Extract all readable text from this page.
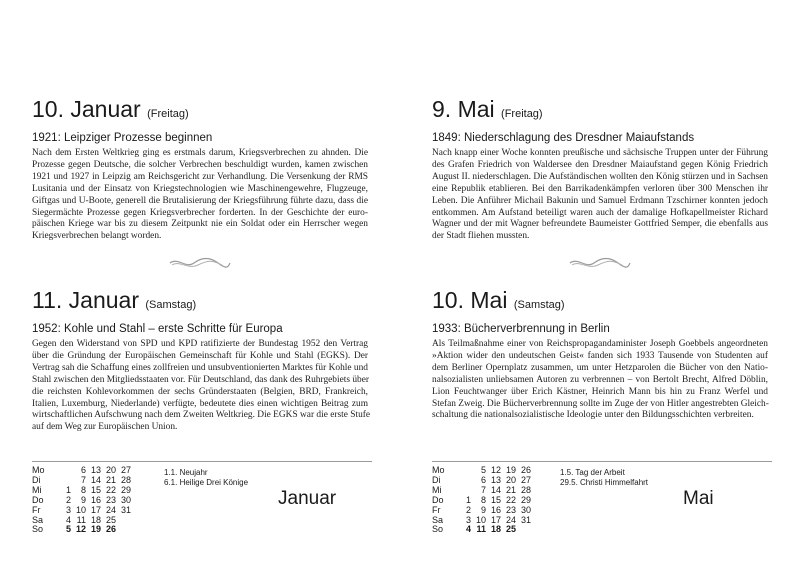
10. Januar (Freitag)
1921: Leipziger Prozesse beginnen
Nach dem Ersten Weltkrieg ging es erstmals darum, Kriegsverbrechen zu ahnden. Die
Prozesse gegen Deutsche, die solcher Verbrechen beschuldigt wurden, kamen zwischen
1921 und 1927 in Leipzig am Reichsgericht zur Verhandlung. Die Versenkung der RMS
Lusitania und der Einsatz von Kriegstechnologien wie Maschinengewehre, Flugzeuge,
Giftgas und U-Boote, generell die Brutalisierung der Kriegsführung führte dazu, dass die
Siegermächte Prozesse gegen Kriegsverbrecher forderten. In der Geschichte der euro-
päischen Kriege war bis zu diesem Zeitpunkt nie ein Soldat oder ein Herrscher wegen
Kriegsverbrechen belangt worden.
11. Januar (Samstag)
1952: Kohle und Stahl – erste Schritte für Europa
Gegen den Widerstand von SPD und KPD ratifizierte der Bundestag 1952 den Vertrag
über die Gründung der Europäischen Gemeinschaft für Kohle und Stahl (EGKS). Der
Vertrag sah die Schaffung eines zollfreien und unsubventionierten Marktes für Kohle und
Stahl zwischen den Mitgliedsstaaten vor. Für Deutschland, das dank des Ruhrgebiets über
die reichsten Kohlevorkommen der sechs Gründerstaaten (Belgien, BRD, Frankreich,
Italien, Luxemburg, Niederlande) verfügte, bedeutete dies einen wichtigen Beitrag zum
wirtschaftlichen Aufschwung nach dem Zweiten Weltkrieg. Die EGKS war die erste Stufe
auf dem Weg zur Europäischen Union.
Mo		6	13	20	27
Di		7	14	21	28
Mi	1	8	15	22	29
Do	2	9	16	23	30
Fr	3	10	17	24	31
Sa	4	11	18	25	
So	5	12	19	26	
1.1. Neujahr
6.1. Heilige Drei Könige
Januar
9. Mai (Freitag)
1849: Niederschlagung des Dresdner Maiaufstands
Nach knapp einer Woche konnten preußische und sächsische Truppen unter der Führung
des Grafen Friedrich von Waldersee den Dresdner Maiaufstand gegen König Friedrich
August II. niederschlagen. Die Aufständischen wollten den König stürzen und in Sachsen
eine Republik etablieren. Bei den Barrikadenkämpfen verloren über 300 Menschen ihr
Leben. Die Anführer Michail Bakunin und Samuel Erdmann Tzschirner konnten jedoch
entkommen. Am Aufstand beteiligt waren auch der damalige Hofkapellmeister Richard
Wagner und der mit Wagner befreundete Baumeister Gottfried Semper, die ebenfalls aus
der Stadt fliehen mussten.
10. Mai (Samstag)
1933: Bücherverbrennung in Berlin
Als Teilmaßnahme einer von Reichspropagandaminister Joseph Goebbels angeordneten
»Aktion wider den undeutschen Geist« fanden sich 1933 Tausende von Studenten auf
dem Berliner Opernplatz zusammen, um unter Hetzparolen die Bücher von den Natio-
nalsozialisten unliebsamen Autoren zu verbrennen – von Bertolt Brecht, Alfred Döblin,
Lion Feuchtwanger über Erich Kästner, Heinrich Mann bis hin zu Franz Werfel und
Stefan Zweig. Die Bücherverbrennung sollte im Zuge der von Hitler angestrebten Gleich-
schaltung die nationalsozialistische Ideologie unter den Bildungsschichten verbreiten.
Mo		5	12	19	26
Di		6	13	20	27
Mi		7	14	21	28
Do	1	8	15	22	29
Fr	2	9	16	23	30
Sa	3	10	17	24	31
So	4	11	18	25	
1.5. Tag der Arbeit
29.5. Christi Himmelfahrt
Mai
